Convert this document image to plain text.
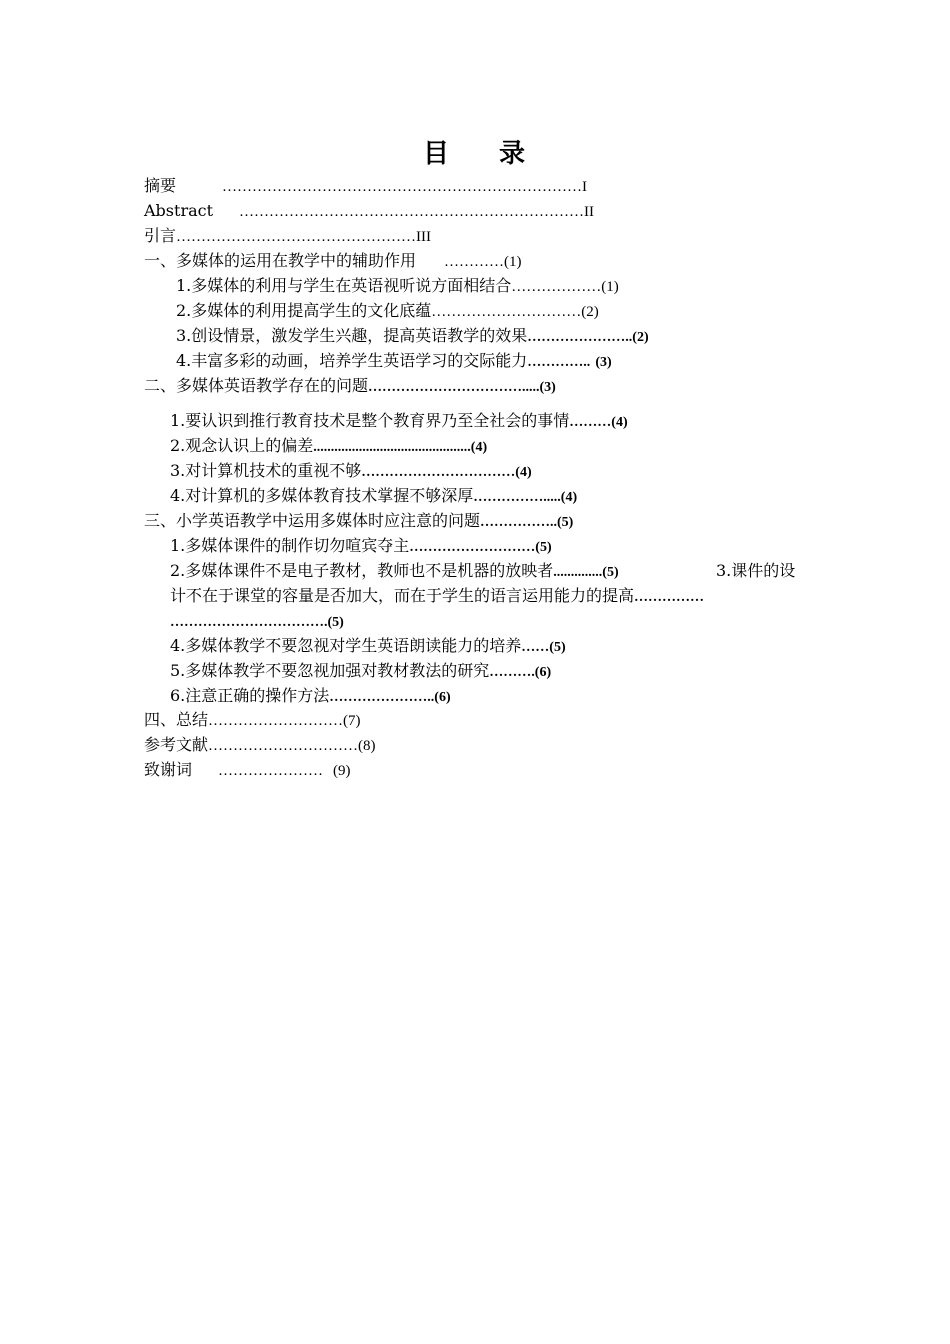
目 录
摘要	………………………………………………………………I
Abstract ……………………………………………………………II
引言…………………………………………III
一、多媒体的运用在教学中的辅助作用 …………(1)
1.多媒体的利用与学生在英语视听说方面相结合………………(1)
2.多媒体的利用提高学生的文化底蕴…………………………(2)
3.创设情景，激发学生兴趣，提高英语教学的效果…………………..(2)
4.丰富多彩的动画，培养学生英语学习的交际能力………….. (3)
二、多媒体英语教学存在的问题…………………………….....(3)
1.要认识到推行教育技术是整个教育界乃至全社会的事情………(4)
2.观念认识上的偏差.............................................(4)
3.对计算机技术的重视不够……………………………(4)
4.对计算机的多媒体教育技术掌握不够深厚…………….....(4)
三、小学英语教学中运用多媒体时应注意的问题……………..(5)
1.多媒体课件的制作切勿喧宾夺主………………………(5)
2.多媒体课件不是电子教材，教师也不是机器的放映者..............(5)	3.课件的设
计不在于课堂的容量是否加大，而在于学生的语言运用能力的提高……………
…………………………….(5)
4.多媒体教学不要忽视对学生英语朗读能力的培养……(5)
5.多媒体教学不要忽视加强对教材教法的研究……….(6)
6.注意正确的操作方法…………………..(6)
四、总结………………………(7)
参考文献…………………………(8)
致谢词 ………………… (9)
